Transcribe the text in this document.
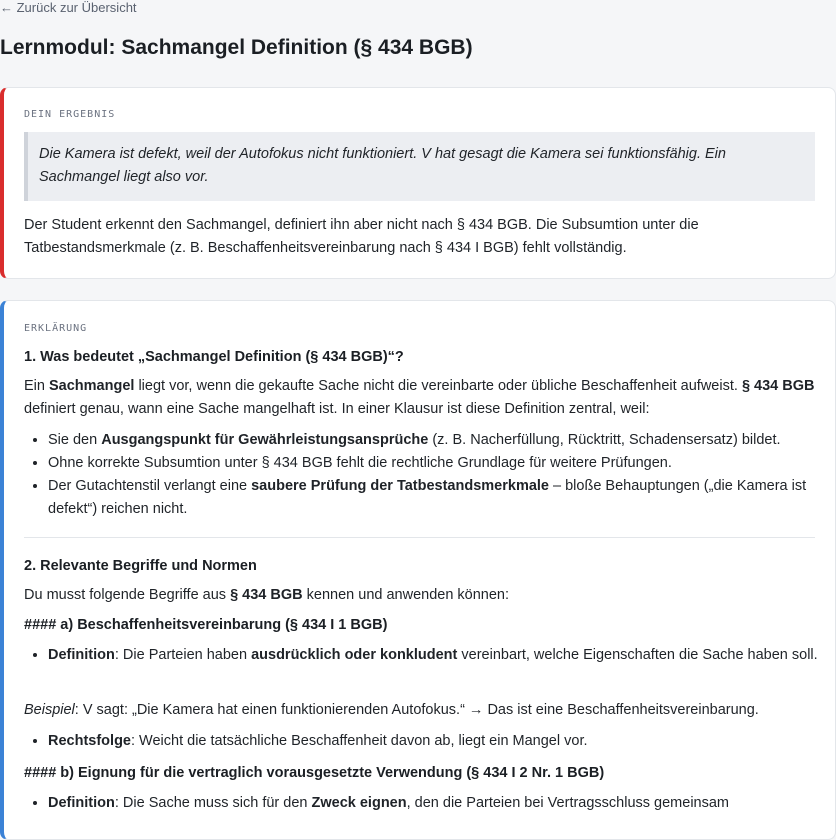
← Zurück zur Übersicht
Lernmodul: Sachmangel Definition (§ 434 BGB)
DEIN ERGEBNIS
Die Kamera ist defekt, weil der Autofokus nicht funktioniert. V hat gesagt die Kamera sei funktionsfähig. Ein Sachmangel liegt also vor.

Der Student erkennt den Sachmangel, definiert ihn aber nicht nach § 434 BGB. Die Subsumtion unter die Tatbestandsmerkmale (z. B. Beschaffenheitsvereinbarung nach § 434 I BGB) fehlt vollständig.

ERKLÄRUNG
1. Was bedeutet „Sachmangel Definition (§ 434 BGB)“?

Ein Sachmangel liegt vor, wenn die gekaufte Sache nicht die vereinbarte oder übliche Beschaffenheit aufweist. § 434 BGB definiert genau, wann eine Sache mangelhaft ist. In einer Klausur ist diese Definition zentral, weil:

• Sie den Ausgangspunkt für Gewährleistungsansprüche (z. B. Nacherfüllung, Rücktritt, Schadensersatz) bildet.
• Ohne korrekte Subsumtion unter § 434 BGB fehlt die rechtliche Grundlage für weitere Prüfungen.
• Der Gutachtenstil verlangt eine saubere Prüfung der Tatbestandsmerkmale – bloße Behauptungen („die Kamera ist defekt“) reichen nicht.
2. Relevante Begriffe und Normen

Du musst folgende Begriffe aus § 434 BGB kennen und anwenden können:

#### a) Beschaffenheitsvereinbarung (§ 434 I 1 BGB)
• Definition: Die Parteien haben ausdrücklich oder konkludent vereinbart, welche Eigenschaften die Sache haben soll.

Beispiel: V sagt: „Die Kamera hat einen funktionierenden Autofokus.“ → Das ist eine Beschaffenheitsvereinbarung.

• Rechtsfolge: Weicht die tatsächliche Beschaffenheit davon ab, liegt ein Mangel vor.
#### b) Eignung für die vertraglich vorausgesetzte Verwendung (§ 434 I 2 Nr. 1 BGB)
• Definition: Die Sache muss sich für den Zweck eignen, den die Parteien bei Vertragsschluss gemeinsam
